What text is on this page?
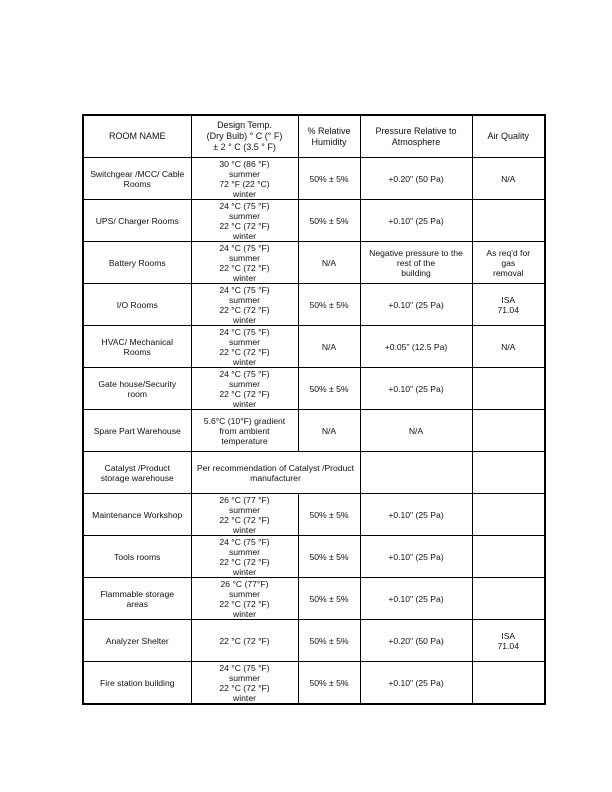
ROOM NAME	Design Temp.
(Dry Bulb) ° C (° F)
± 2 ° C (3.5 ° F)	% Relative
Humidity	Pressure Relative to
Atmosphere	Air Quality
Switchgear /MCC/ Cable
Rooms	30 °C (86 °F)
summer
72 °F (22 °C)
winter	50% ± 5%	+0.20" (50 Pa)	N/A
UPS/ Charger Rooms	24 °C (75 °F)
summer
22 °C (72 °F)
winter	50% ± 5%	+0.10" (25 Pa)	
Battery Rooms	24 °C (75 °F)
summer
22 °C (72 °F)
winter	N/A	Negative pressure to the
rest of the
building	As req'd for
gas
removal
I/O Rooms	24 °C (75 °F)
summer
22 °C (72 °F)
winter	50% ± 5%	+0.10" (25 Pa)	ISA
71.04
HVAC/ Mechanical
Rooms	24 °C (75 °F)
summer
22 °C (72 °F)
winter	N/A	+0.05" (12.5 Pa)	N/A
Gate house/Security
room	24 °C (75 °F)
summer
22 °C (72 °F)
winter	50% ± 5%	+0.10" (25 Pa)	
Spare Part Warehouse	5.6°C (10°F) gradient
from ambient
temperature	N/A	N/A	
Catalyst /Product
storage warehouse	Per recommendation of Catalyst /Product
manufacturer			
Maintenance Workshop	26 °C (77 °F)
summer
22 °C (72 °F)
winter	50% ± 5%	+0.10" (25 Pa)	
Tools rooms	24 °C (75 °F)
summer
22 °C (72 °F)
winter	50% ± 5%	+0.10" (25 Pa)	
Flammable storage
areas	26 °C (77°F)
summer
22 °C (72 °F)
winter	50% ± 5%	+0.10" (25 Pa)	
Analyzer Shelter	22 °C (72 °F)	50% ± 5%	+0.20" (50 Pa)	ISA
71.04
Fire station building	24 °C (75 °F)
summer
22 °C (72 °F)
winter	50% ± 5%	+0.10" (25 Pa)	
